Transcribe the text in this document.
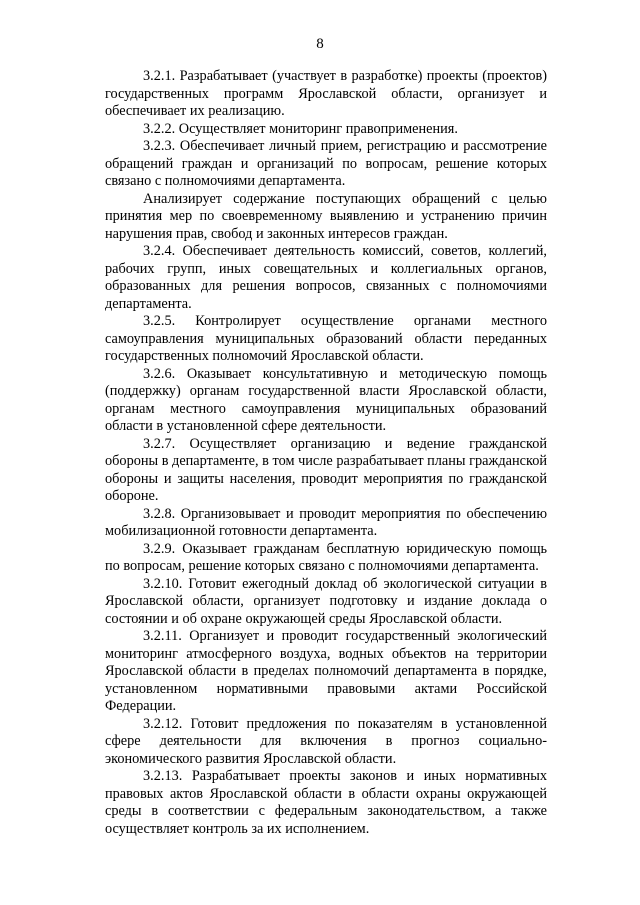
8

3.2.1. Разрабатывает (участвует в разработке) проекты (проектов) государственных программ Ярославской области, организует и обеспечивает их реализацию.

3.2.2. Осуществляет мониторинг правоприменения.

3.2.3. Обеспечивает личный прием, регистрацию и рассмотрение обращений граждан и организаций по вопросам, решение которых связано с полномочиями департамента.

Анализирует содержание поступающих обращений с целью принятия мер по своевременному выявлению и устранению причин нарушения прав, свобод и законных интересов граждан.

3.2.4. Обеспечивает деятельность комиссий, советов, коллегий, рабочих групп, иных совещательных и коллегиальных органов, образованных для решения вопросов, связанных с полномочиями департамента.

3.2.5. Контролирует осуществление органами местного самоуправления муниципальных образований области переданных государственных полномочий Ярославской области.

3.2.6. Оказывает консультативную и методическую помощь (поддержку) органам государственной власти Ярославской области, органам местного самоуправления муниципальных образований области в установленной сфере деятельности.

3.2.7. Осуществляет организацию и ведение гражданской обороны в департаменте, в том числе разрабатывает планы гражданской обороны и защиты населения, проводит мероприятия по гражданской обороне.

3.2.8. Организовывает и проводит мероприятия по обеспечению мобилизационной готовности департамента.

3.2.9. Оказывает гражданам бесплатную юридическую помощь по вопросам, решение которых связано с полномочиями департамента.

3.2.10. Готовит ежегодный доклад об экологической ситуации в Ярославской области, организует подготовку и издание доклада о состоянии и об охране окружающей среды Ярославской области.

3.2.11. Организует и проводит государственный экологический мониторинг атмосферного воздуха, водных объектов на территории Ярославской области в пределах полномочий департамента в порядке, установленном нормативными правовыми актами Российской Федерации.

3.2.12. Готовит предложения по показателям в установленной сфере деятельности для включения в прогноз социально-экономического развития Ярославской области.

3.2.13. Разрабатывает проекты законов и иных нормативных правовых актов Ярославской области в области охраны окружающей среды в соответствии с федеральным законодательством, а также осуществляет контроль за их исполнением.
